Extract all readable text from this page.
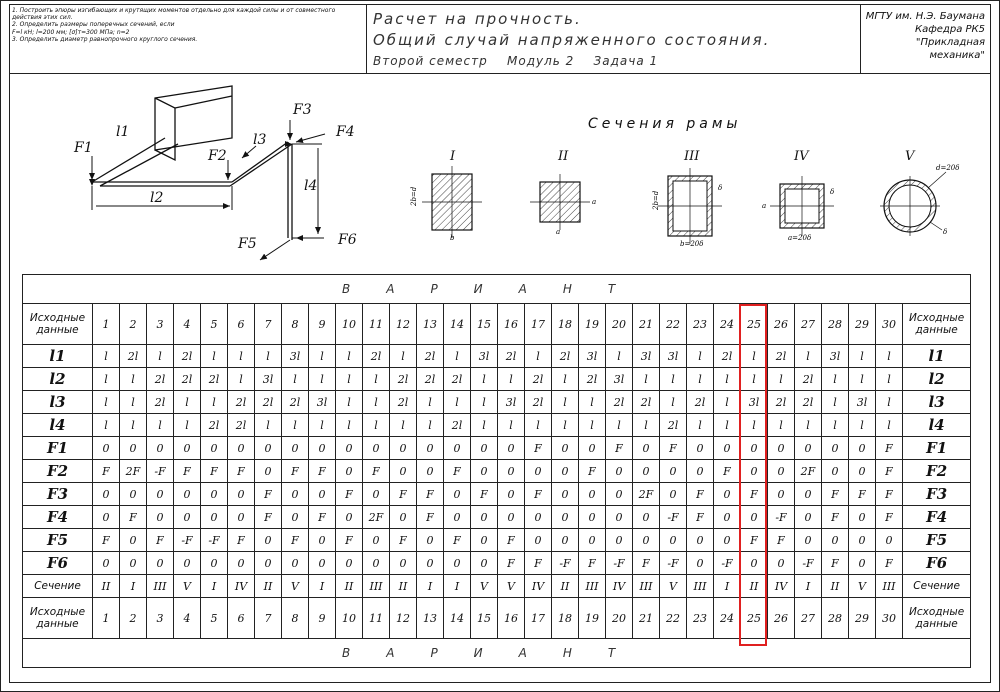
1. Построить эпюры изгибающих и крутящих моментов отдельно для каждой силы и от совместного действия этих сил.
2. Определить размеры поперечных сечений, если
F=l кН; l=200 мм; [σ]т=300 МПа; n=2
3. Определить диаметр равнопрочного круглого сечения.
Расчет на прочность.
Общий случай напряженного состояния.
Второй семестр    Модуль 2    Задача 1
МГТУ им. Н.Э. Баумана
Кафедра РК5
"Прикладная механика"
l1
l2
l3
l4
F1	F2
F3
F4
F5	F6
Сечения рамы
I	II	III	IV	V
2b=d
b
a
a
2b=d
δ
b=20δ
a
δ
a=20δ
d=20δ
δ
ВАРИАНТ																															
Исходные данные	1	2	3	4	5	6	7	8	9	10	11	12	13	14	15	16	17	18	19	20	21	22	23	24	25	26	27	28	29	30	Исходные данные
l1	l	2l	l	2l	l	l	l	3l	l	l	2l	l	2l	l	3l	2l	l	2l	3l	l	3l	3l	l	2l	l	2l	l	3l	l	l	l1
l2	l	l	2l	2l	2l	l	3l	l	l	l	l	2l	2l	2l	l	l	2l	l	2l	3l	l	l	l	l	l	l	2l	l	l	l	l2
l3	l	l	2l	l	l	2l	2l	2l	3l	l	l	2l	l	l	l	3l	2l	l	l	2l	2l	l	2l	l	3l	2l	2l	l	3l	l	l3
l4	l	l	l	l	2l	2l	l	l	l	l	l	l	l	2l	l	l	l	l	l	l	l	2l	l	l	l	l	l	l	l	l	l4
F1	0	0	0	0	0	0	0	0	0	0	0	0	0	0	0	0	F	0	0	F	0	F	0	0	0	0	0	0	0	F	F1
F2	F	2F	-F	F	F	F	0	F	F	0	F	0	0	F	0	0	0	0	F	0	0	0	0	F	0	0	2F	0	0	F	F2
F3	0	0	0	0	0	0	F	0	0	F	0	F	F	0	F	0	F	0	0	0	2F	0	F	0	F	0	0	F	F	F	F3
F4	0	F	0	0	0	0	F	0	F	0	2F	0	F	0	0	0	0	0	0	0	0	-F	F	0	0	-F	0	F	0	F	F4
F5	F	0	F	-F	-F	F	0	F	0	F	0	F	0	F	0	F	0	0	0	0	0	0	0	0	F	F	0	0	0	0	F5
F6	0	0	0	0	0	0	0	0	0	0	0	0	0	0	0	F	F	-F	F	-F	F	-F	0	-F	0	0	-F	F	0	F	F6
Сечение	II	I	III	V	I	IV	II	V	I	II	III	II	I	I	V	V	IV	II	III	IV	III	V	III	I	II	IV	I	II	V	III	Сечение
Исходные данные	1	2	3	4	5	6	7	8	9	10	11	12	13	14	15	16	17	18	19	20	21	22	23	24	25	26	27	28	29	30	Исходные данные
ВАРИАНТ																															
